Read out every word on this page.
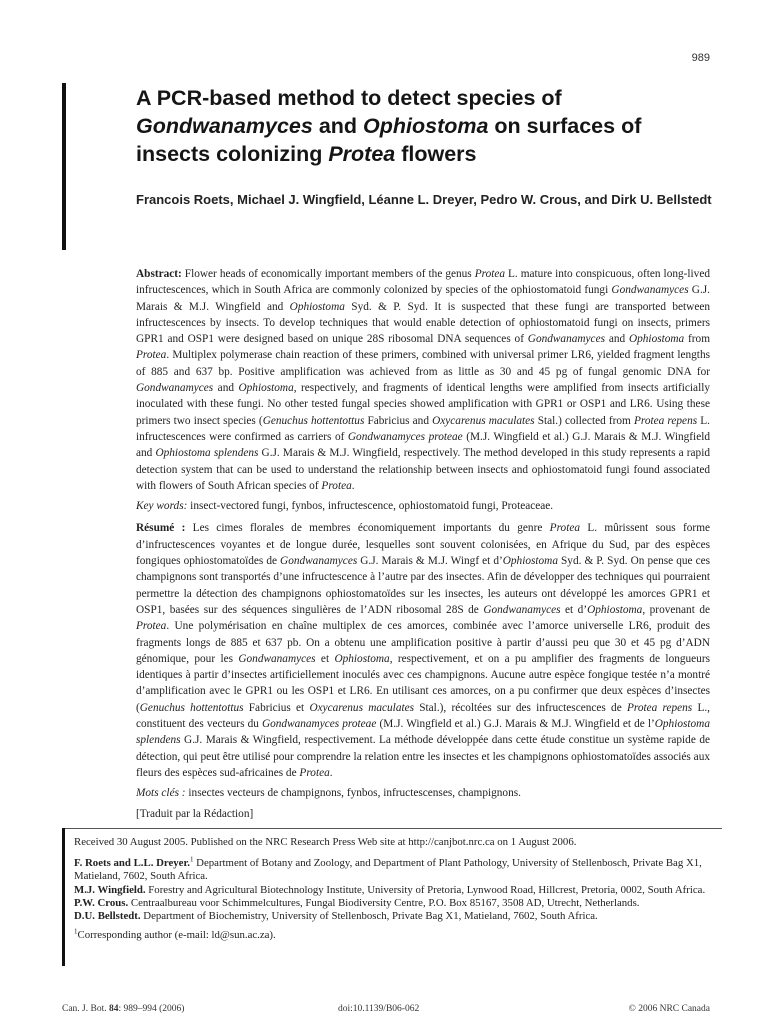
989
A PCR-based method to detect species of
Gondwanamyces and Ophiostoma on surfaces of insects colonizing Protea flowers
Francois Roets, Michael J. Wingfield, Léanne L. Dreyer, Pedro W. Crous, and Dirk U. Bellstedt

Abstract: Flower heads of economically important members of the genus Protea L. mature into conspicuous, often long-lived infructescences, which in South Africa are commonly colonized by species of the ophiostomatoid fungi Gondwanamyces G.J. Marais & M.J. Wingfield and Ophiostoma Syd. & P. Syd. It is suspected that these fungi are transported between infructescences by insects. To develop techniques that would enable detection of ophiostomatoid fungi on insects, primers GPR1 and OSP1 were designed based on unique 28S ribosomal DNA sequences of Gondwanamyces and Ophiostoma from Protea. Multiplex polymerase chain reaction of these primers, combined with universal primer LR6, yielded fragment lengths of 885 and 637 bp. Positive amplification was achieved from as little as 30 and 45 pg of fungal genomic DNA for Gondwanamyces and Ophiostoma, respectively, and fragments of identical lengths were amplified from insects artificially inoculated with these fungi. No other tested fungal species showed amplification with GPR1 or OSP1 and LR6. Using these primers two insect species (Genuchus hottentottus Fabricius and Oxycarenus maculates Stal.) collected from Protea repens L. infructescences were confirmed as carriers of Gondwanamyces proteae (M.J. Wingfield et al.) G.J. Marais & M.J. Wingfield and Ophiostoma splendens G.J. Marais & M.J. Wingfield, respectively. The method developed in this study represents a rapid detection system that can be used to understand the relationship between insects and ophiostomatoid fungi found associated with flowers of South African species of Protea.

Key words: insect-vectored fungi, fynbos, infructescence, ophiostomatoid fungi, Proteaceae.

Résumé : Les cimes florales de membres économiquement importants du genre Protea L. mûrissent sous forme d’infructescences voyantes et de longue durée, lesquelles sont souvent colonisées, en Afrique du Sud, par des espèces fongiques ophiostomatoïdes de Gondwanamyces G.J. Marais & M.J. Wingf et d’Ophiostoma Syd. & P. Syd. On pense que ces champignons sont transportés d’une infructescence à l’autre par des insectes. Afin de développer des techniques qui pourraient permettre la détection des champignons ophiostomatoïdes sur les insectes, les auteurs ont développé les amorces GPR1 et OSP1, basées sur des séquences singulières de l’ADN ribosomal 28S de Gondwanamyces et d’Ophiostoma, provenant de Protea. Une polymérisation en chaîne multiplex de ces amorces, combinée avec l’amorce universelle LR6, produit des fragments longs de 885 et 637 pb. On a obtenu une amplification positive à partir d’aussi peu que 30 et 45 pg d’ADN génomique, pour les Gondwanamyces et Ophiostoma, respectivement, et on a pu amplifier des fragments de longueurs identiques à partir d’insectes artificiellement inoculés avec ces champignons. Aucune autre espèce fongique testée n’a montré d’amplification avec le GPR1 ou les OSP1 et LR6. En utilisant ces amorces, on a pu confirmer que deux espèces d’insectes (Genuchus hottentottus Fabricius et Oxycarenus maculates Stal.), récoltées sur des infructescences de Protea repens L., constituent des vecteurs du Gondwanamyces proteae (M.J. Wingfield et al.) G.J. Marais & M.J. Wingfield et de l’Ophiostoma splendens G.J. Marais & Wingfield, respectivement. La méthode développée dans cette étude constitue un système rapide de détection, qui peut être utilisé pour comprendre la relation entre les insectes et les champignons ophiostomatoïdes associés aux fleurs des espèces sud-africaines de Protea.

Mots clés : insectes vecteurs de champignons, fynbos, infructescenses, champignons.

[Traduit par la Rédaction]

Received 30 August 2005. Published on the NRC Research Press Web site at http://canjbot.nrc.ca on 1 August 2006.

F. Roets and L.L. Dreyer.$^1$ Department of Botany and Zoology, and Department of Plant Pathology, University of Stellenbosch, Private Bag X1, Matieland, 7602, South Africa.

M.J. Wingfield. Forestry and Agricultural Biotechnology Institute, University of Pretoria, Lynwood Road, Hillcrest, Pretoria, 0002, South Africa.

P.W. Crous. Centraalbureau voor Schimmelcultures, Fungal Biodiversity Centre, P.O. Box 85167, 3508 AD, Utrecht, Netherlands.

D.U. Bellstedt. Department of Biochemistry, University of Stellenbosch, Private Bag X1, Matieland, 7602, South Africa.

$^1$Corresponding author (e-mail: ld@sun.ac.za).

Can. J. Bot. 84: 989–994 (2006)	doi:10.1139/B06-062	© 2006 NRC Canada
